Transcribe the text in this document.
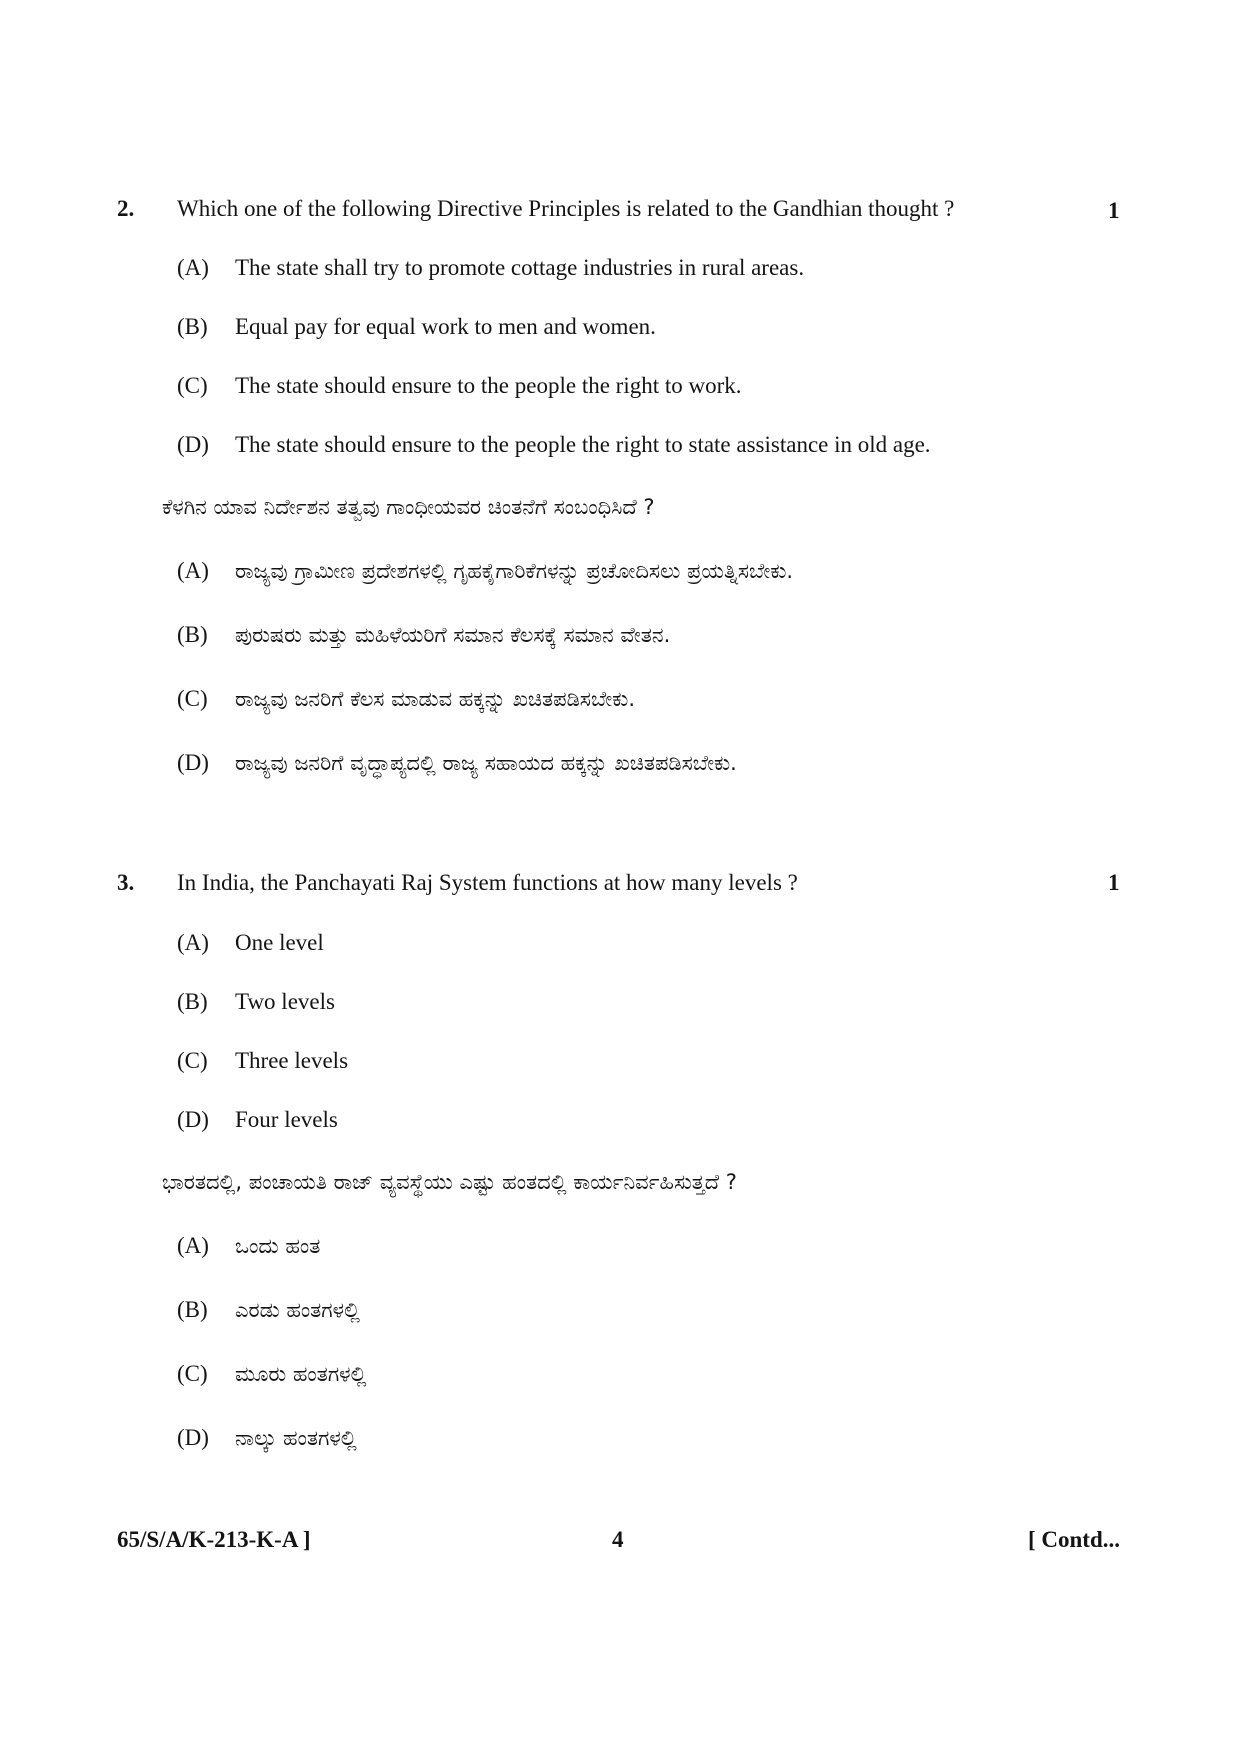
2. Which one of the following Directive Principles is related to the Gandhian thought ?	1
(A) The state shall try to promote cottage industries in rural areas.
(B) Equal pay for equal work to men and women.
(C) The state should ensure to the people the right to work.
(D) The state should ensure to the people the right to state assistance in old age.
ಕೆಳಗಿನ ಯಾವ ನಿರ್ದೇಶನ ತತ್ವವು ಗಾಂಧೀಯವರ ಚಿಂತನೆಗೆ ಸಂಬಂಧಿಸಿದೆ ?
(A) ರಾಜ್ಯವು ಗ್ರಾಮೀಣ ಪ್ರದೇಶಗಳಲ್ಲಿ ಗೃಹಕೈಗಾರಿಕೆಗಳನ್ನು ಪ್ರಚೋದಿಸಲು ಪ್ರಯತ್ನಿಸಬೇಕು.
(B) ಪುರುಷರು ಮತ್ತು ಮಹಿಳೆಯರಿಗೆ ಸಮಾನ ಕೆಲಸಕ್ಕೆ ಸಮಾನ ವೇತನ.
(C) ರಾಜ್ಯವು ಜನರಿಗೆ ಕೆಲಸ ಮಾಡುವ ಹಕ್ಕನ್ನು ಖಚಿತಪಡಿಸಬೇಕು.
(D) ರಾಜ್ಯವು ಜನರಿಗೆ ವೃದ್ಧಾಪ್ಯದಲ್ಲಿ ರಾಜ್ಯ ಸಹಾಯದ ಹಕ್ಕನ್ನು ಖಚಿತಪಡಿಸಬೇಕು.
3. In India, the Panchayati Raj System functions at how many levels ?	1
(A) One level
(B) Two levels
(C) Three levels
(D) Four levels
ಭಾರತದಲ್ಲಿ, ಪಂಚಾಯತಿ ರಾಜ್ ವ್ಯವಸ್ಥೆಯು ಎಷ್ಟು ಹಂತದಲ್ಲಿ ಕಾರ್ಯನಿರ್ವಹಿಸುತ್ತದೆ ?
(A) ಒಂದು ಹಂತ
(B) ಎರಡು ಹಂತಗಳಲ್ಲಿ
(C) ಮೂರು ಹಂತಗಳಲ್ಲಿ
(D) ನಾಲ್ಕು ಹಂತಗಳಲ್ಲಿ
65/S/A/K-213-K-A ]	4	[ Contd...
